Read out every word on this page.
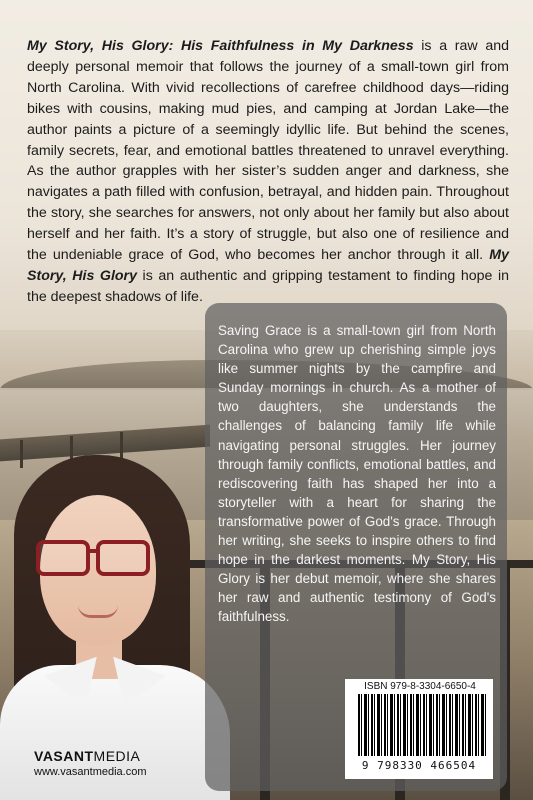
My Story, His Glory: His Faithfulness in My Darkness is a raw and deeply personal memoir that follows the journey of a small-town girl from North Carolina. With vivid recollections of carefree childhood days—riding bikes with cousins, making mud pies, and camping at Jordan Lake—the author paints a picture of a seemingly idyllic life. But behind the scenes, family secrets, fear, and emotional battles threatened to unravel everything. As the author grapples with her sister’s sudden anger and darkness, she navigates a path filled with confusion, betrayal, and hidden pain. Throughout the story, she searches for answers, not only about her family but also about herself and her faith. It’s a story of struggle, but also one of resilience and the undeniable grace of God, who becomes her anchor through it all. My Story, His Glory is an authentic and gripping testament to finding hope in the deepest shadows of life.

Saving Grace is a small-town girl from North Carolina who grew up cherishing simple joys like summer nights by the campfire and Sunday mornings in church. As a mother of two daughters, she understands the challenges of balancing family life while navigating personal struggles. Her journey through family conflicts, emotional battles, and rediscovering faith has shaped her into a storyteller with a heart for sharing the transformative power of God's grace. Through her writing, she seeks to inspire others to find hope in the darkest moments. My Story, His Glory is her debut memoir, where she shares her raw and authentic testimony of God's faithfulness.

ISBN 979-8-3304-6650-4
9 798330 466504
VASANTMEDIA
www.vasantmedia.com
